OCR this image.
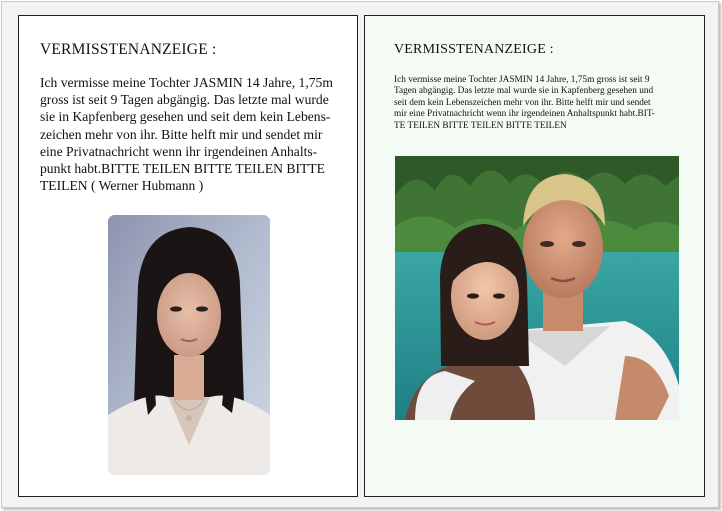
VERMISSTENANZEIGE :
Ich vermisse meine Tochter JASMIN 14 Jahre, 1,75m
gross ist seit 9 Tagen abgängig. Das letzte mal wurde
sie in Kapfenberg gesehen und seit dem kein Lebens-
zeichen mehr von ihr. Bitte helft mir und sendet mir
eine Privatnachricht wenn ihr irgendeinen Anhalts-
punkt habt.BITTE TEILEN BITTE TEILEN BITTE
TEILEN ( Werner Hubmann )
VERMISSTENANZEIGE :
Ich vermisse meine Tochter JASMIN 14 Jahre, 1,75m gross ist seit 9
Tagen abgängig. Das letzte mal wurde sie in Kapfenberg gesehen und
seit dem kein Lebenszeichen mehr von ihr. Bitte helft mir und sendet
mir eine Privatnachricht wenn ihr irgendeinen Anhaltspunkt habt.BIT-
TE TEILEN BITTE TEILEN BITTE TEILEN
